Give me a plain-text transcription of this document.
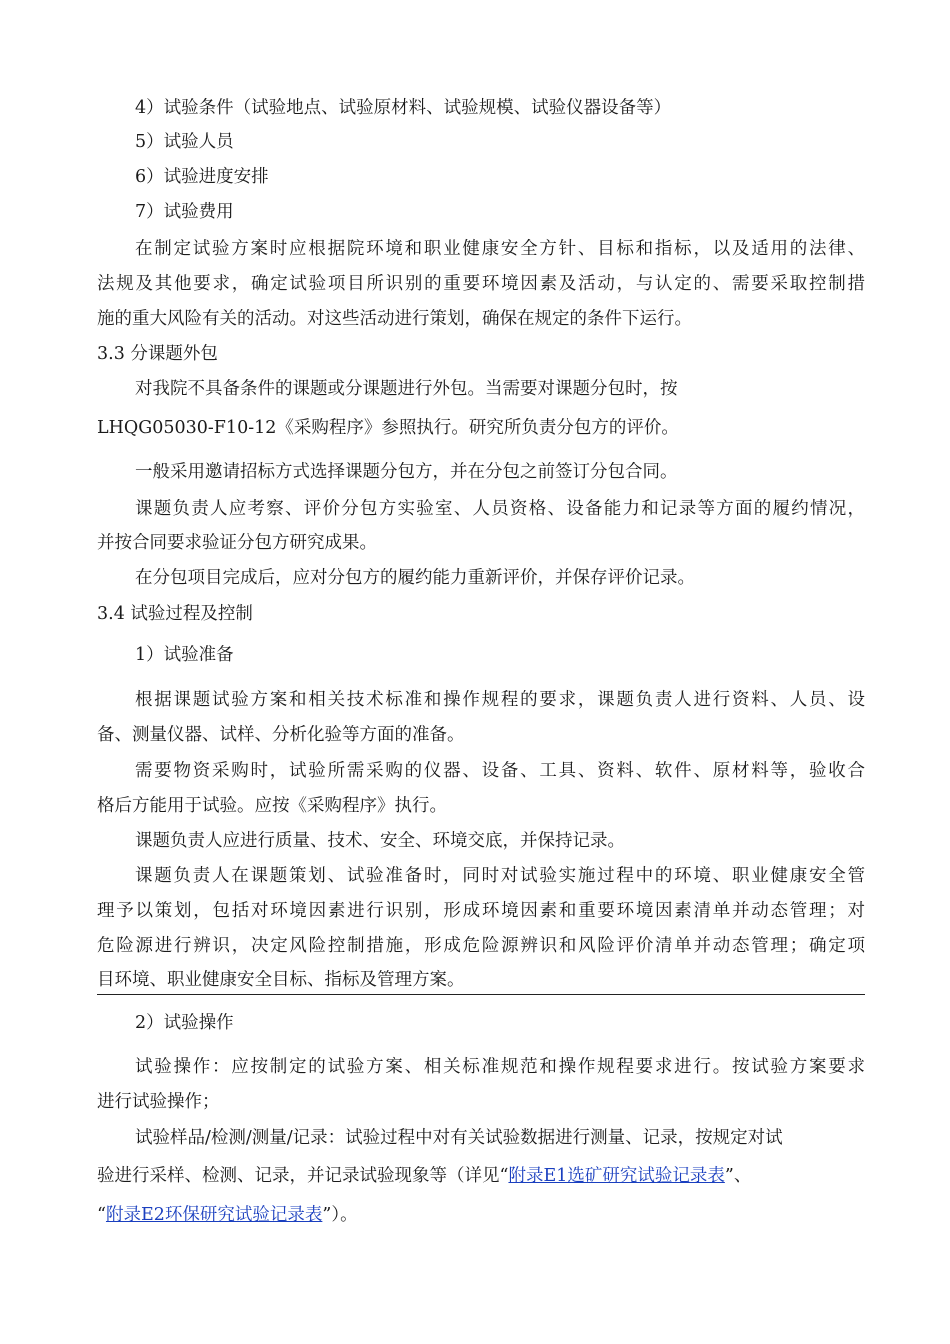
4）试验条件（试验地点、试验原材料、试验规模、试验仪器设备等）
5）试验人员
6）试验进度安排
7）试验费用
在制定试验方案时应根据院环境和职业健康安全方针、目标和指标，以及适用的法律、
法规及其他要求，确定试验项目所识别的重要环境因素及活动，与认定的、需要采取控制措
施的重大风险有关的活动。对这些活动进行策划，确保在规定的条件下运行。
3.3 分课题外包
对我院不具备条件的课题或分课题进行外包。当需要对课题分包时，按
LHQG05030-F10-12《采购程序》参照执行。研究所负责分包方的评价。
一般采用邀请招标方式选择课题分包方，并在分包之前签订分包合同。
课题负责人应考察、评价分包方实验室、人员资格、设备能力和记录等方面的履约情况，
并按合同要求验证分包方研究成果。
在分包项目完成后，应对分包方的履约能力重新评价，并保存评价记录。
3.4 试验过程及控制
1）试验准备
根据课题试验方案和相关技术标准和操作规程的要求，课题负责人进行资料、人员、设
备、测量仪器、试样、分析化验等方面的准备。
需要物资采购时，试验所需采购的仪器、设备、工具、资料、软件、原材料等，验收合
格后方能用于试验。应按《采购程序》执行。
课题负责人应进行质量、技术、安全、环境交底，并保持记录。
课题负责人在课题策划、试验准备时，同时对试验实施过程中的环境、职业健康安全管
理予以策划，包括对环境因素进行识别，形成环境因素和重要环境因素清单并动态管理；对
危险源进行辨识，决定风险控制措施，形成危险源辨识和风险评价清单并动态管理；确定项
目环境、职业健康安全目标、指标及管理方案。
2）试验操作
试验操作：应按制定的试验方案、相关标准规范和操作规程要求进行。按试验方案要求
进行试验操作；
试验样品/检测/测量/记录：试验过程中对有关试验数据进行测量、记录，按规定对试
验进行采样、检测、记录，并记录试验现象等（详见“附录E1选矿研究试验记录表”、
“附录E2环保研究试验记录表”）。
